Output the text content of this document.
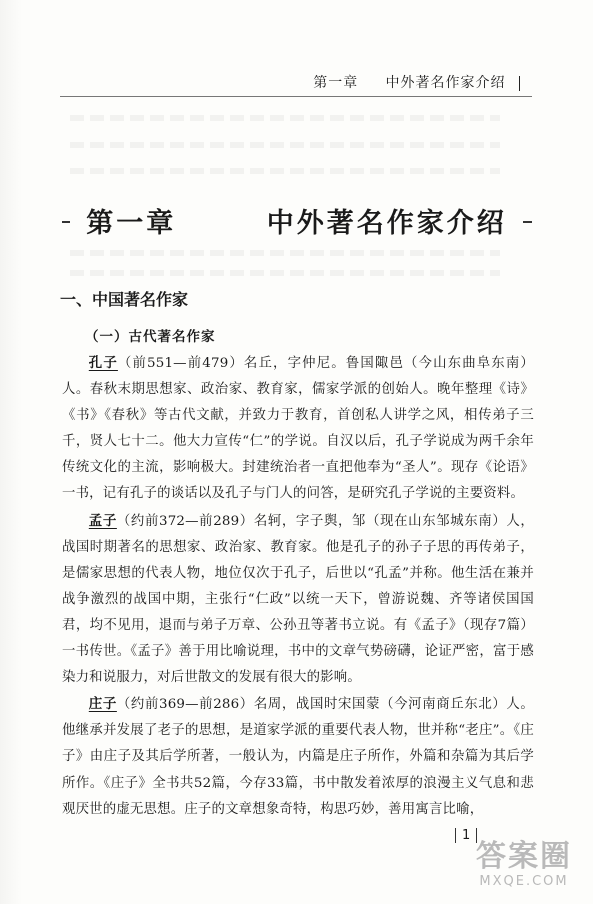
第一章 中外著名作家介绍
第一章	中外著名作家介绍
一、中国著名作家
（一）古代著名作家

孔子（前551—前479）名丘，字仲尼。鲁国陬邑（今山东曲阜东南）人。春秋末期思想家、政治家、教育家，儒家学派的创始人。晚年整理《诗》《书》《春秋》等古代文献，并致力于教育，首创私人讲学之风，相传弟子三千，贤人七十二。他大力宣传“仁”的学说。自汉以后，孔子学说成为两千余年传统文化的主流，影响极大。封建统治者一直把他奉为“圣人”。现存《论语》一书，记有孔子的谈话以及孔子与门人的问答，是研究孔子学说的主要资料。

孟子（约前372—前289）名轲，字子舆，邹（现在山东邹城东南）人，战国时期著名的思想家、政治家、教育家。他是孔子的孙子子思的再传弟子，是儒家思想的代表人物，地位仅次于孔子，后世以“孔孟”并称。他生活在兼并战争激烈的战国中期，主张行“仁政”以统一天下，曾游说魏、齐等诸侯国国君，均不见用，退而与弟子万章、公孙丑等著书立说。有《孟子》（现存7篇）一书传世。《孟子》善于用比喻说理，书中的文章气势磅礴，论证严密，富于感染力和说服力，对后世散文的发展有很大的影响。

庄子（约前369—前286）名周，战国时宋国蒙（今河南商丘东北）人。他继承并发展了老子的思想，是道家学派的重要代表人物，世并称“老庄”。《庄子》由庄子及其后学所著，一般认为，内篇是庄子所作，外篇和杂篇为其后学所作。《庄子》全书共52篇，今存33篇，书中散发着浓厚的浪漫主义气息和悲观厌世的虚无思想。庄子的文章想象奇特，构思巧妙，善用寓言比喻，

1
答案圈
MXQE.COM
